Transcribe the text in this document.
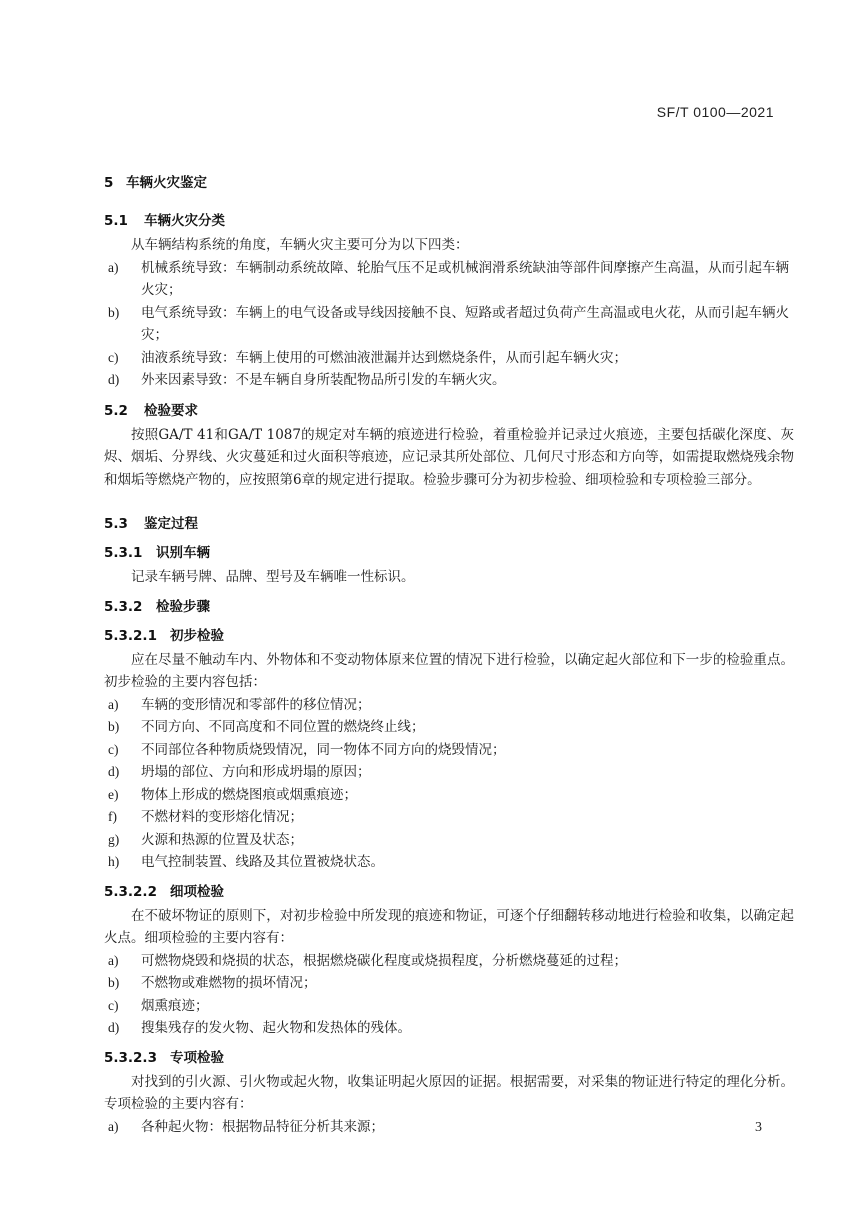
SF/T 0100—2021
5 车辆火灾鉴定
5.1 车辆火灾分类

从车辆结构系统的角度，车辆火灾主要可分为以下四类：

a) 机械系统导致：车辆制动系统故障、轮胎气压不足或机械润滑系统缺油等部件间摩擦产生高温，从而引起车辆火灾；
b) 电气系统导致：车辆上的电气设备或导线因接触不良、短路或者超过负荷产生高温或电火花，从而引起车辆火灾；
c) 油液系统导致：车辆上使用的可燃油液泄漏并达到燃烧条件，从而引起车辆火灾；
d) 外来因素导致：不是车辆自身所装配物品所引发的车辆火灾。
5.2 检验要求

按照GA/T 41和GA/T 1087的规定对车辆的痕迹进行检验，着重检验并记录过火痕迹，主要包括碳化深度、灰烬、烟垢、分界线、火灾蔓延和过火面积等痕迹，应记录其所处部位、几何尺寸形态和方向等，如需提取燃烧残余物和烟垢等燃烧产物的，应按照第6章的规定进行提取。检验步骤可分为初步检验、细项检验和专项检验三部分。

5.3 鉴定过程
5.3.1 识别车辆

记录车辆号牌、品牌、型号及车辆唯一性标识。

5.3.2 检验步骤
5.3.2.1 初步检验

应在尽量不触动车内、外物体和不变动物体原来位置的情况下进行检验，以确定起火部位和下一步的检验重点。初步检验的主要内容包括：

a) 车辆的变形情况和零部件的移位情况；
b) 不同方向、不同高度和不同位置的燃烧终止线；
c) 不同部位各种物质烧毁情况，同一物体不同方向的烧毁情况；
d) 坍塌的部位、方向和形成坍塌的原因；
e) 物体上形成的燃烧图痕或烟熏痕迹；
f) 不燃材料的变形熔化情况；
g) 火源和热源的位置及状态；
h) 电气控制装置、线路及其位置被烧状态。
5.3.2.2 细项检验

在不破坏物证的原则下，对初步检验中所发现的痕迹和物证，可逐个仔细翻转移动地进行检验和收集，以确定起火点。细项检验的主要内容有：

a) 可燃物烧毁和烧损的状态，根据燃烧碳化程度或烧损程度，分析燃烧蔓延的过程；
b) 不燃物或难燃物的损坏情况；
c) 烟熏痕迹；
d) 搜集残存的发火物、起火物和发热体的残体。
5.3.2.3 专项检验

对找到的引火源、引火物或起火物，收集证明起火原因的证据。根据需要，对采集的物证进行特定的理化分析。专项检验的主要内容有：

a) 各种起火物：根据物品特征分析其来源；	3
